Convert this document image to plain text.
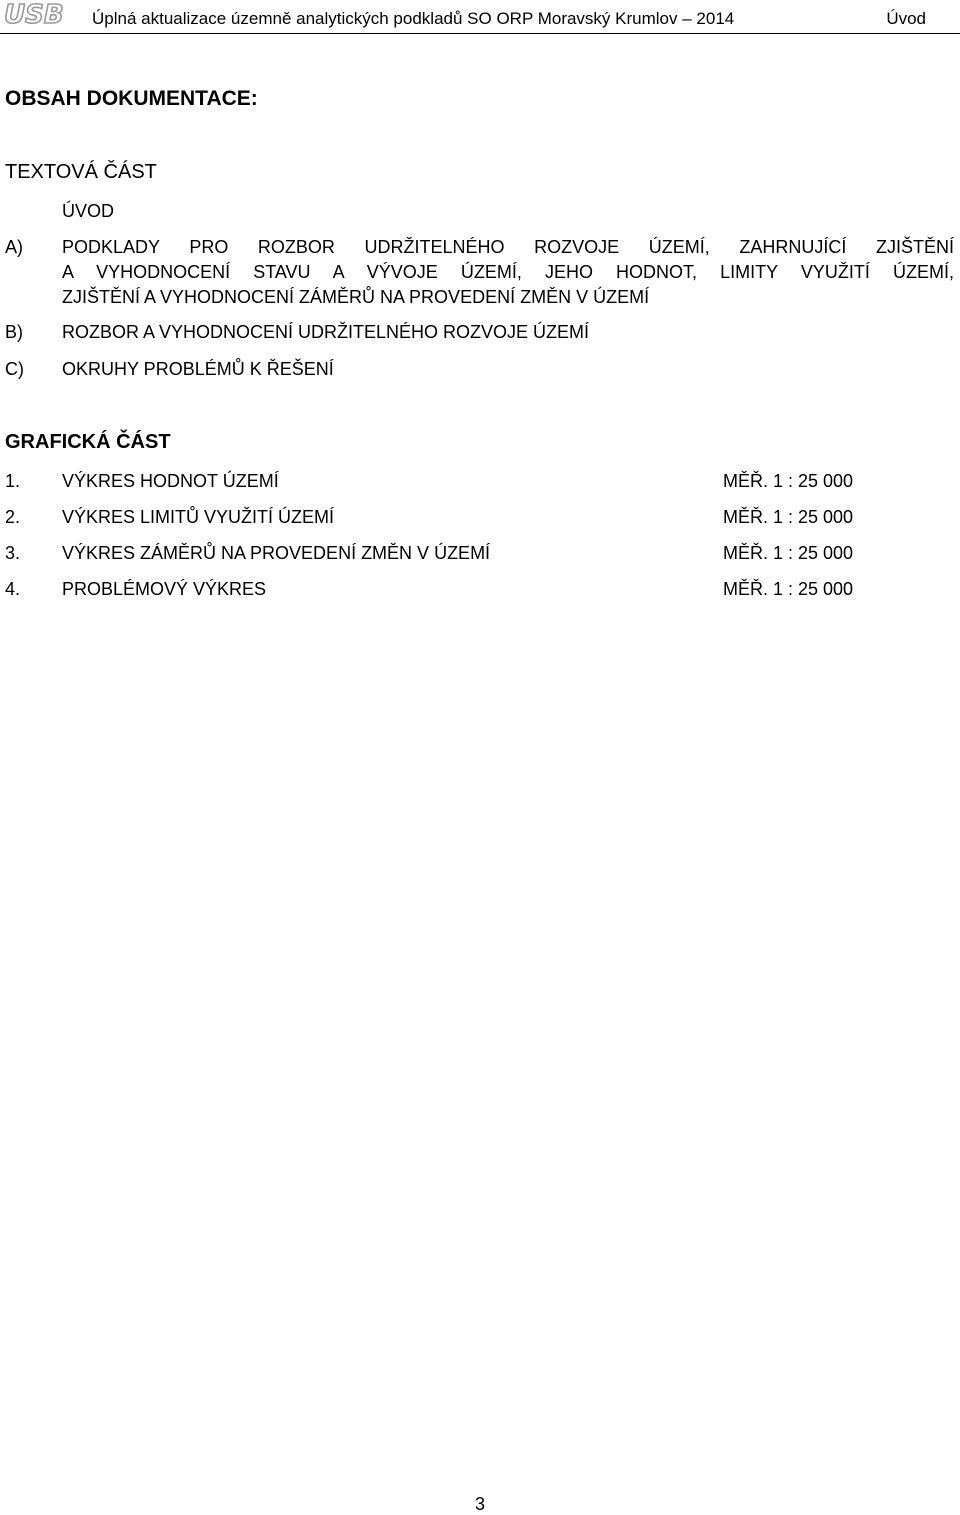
USB Úplná aktualizace územně analytických podkladů SO ORP Moravský Krumlov – 2014	Úvod
OBSAH DOKUMENTACE:
TEXTOVÁ ČÁST
ÚVOD
A) PODKLADY PRO ROZBOR UDRŽITELNÉHO ROZVOJE ÚZEMÍ, ZAHRNUJÍCÍ ZJIŠTĚNÍ
A VYHODNOCENÍ STAVU A VÝVOJE ÚZEMÍ, JEHO HODNOT, LIMITY VYUŽITÍ ÚZEMÍ,
ZJIŠTĚNÍ A VYHODNOCENÍ ZÁMĚRŮ NA PROVEDENÍ ZMĚN V ÚZEMÍ
B) ROZBOR A VYHODNOCENÍ UDRŽITELNÉHO ROZVOJE ÚZEMÍ
C) OKRUHY PROBLÉMŮ K ŘEŠENÍ
GRAFICKÁ ČÁST
1. VÝKRES HODNOT ÚZEMÍ	MĚŘ. 1 : 25 000
2. VÝKRES LIMITŮ VYUŽITÍ ÚZEMÍ	MĚŘ. 1 : 25 000
3. VÝKRES ZÁMĚRŮ NA PROVEDENÍ ZMĚN V ÚZEMÍ	MĚŘ. 1 : 25 000
4. PROBLÉMOVÝ VÝKRES	MĚŘ. 1 : 25 000
3
